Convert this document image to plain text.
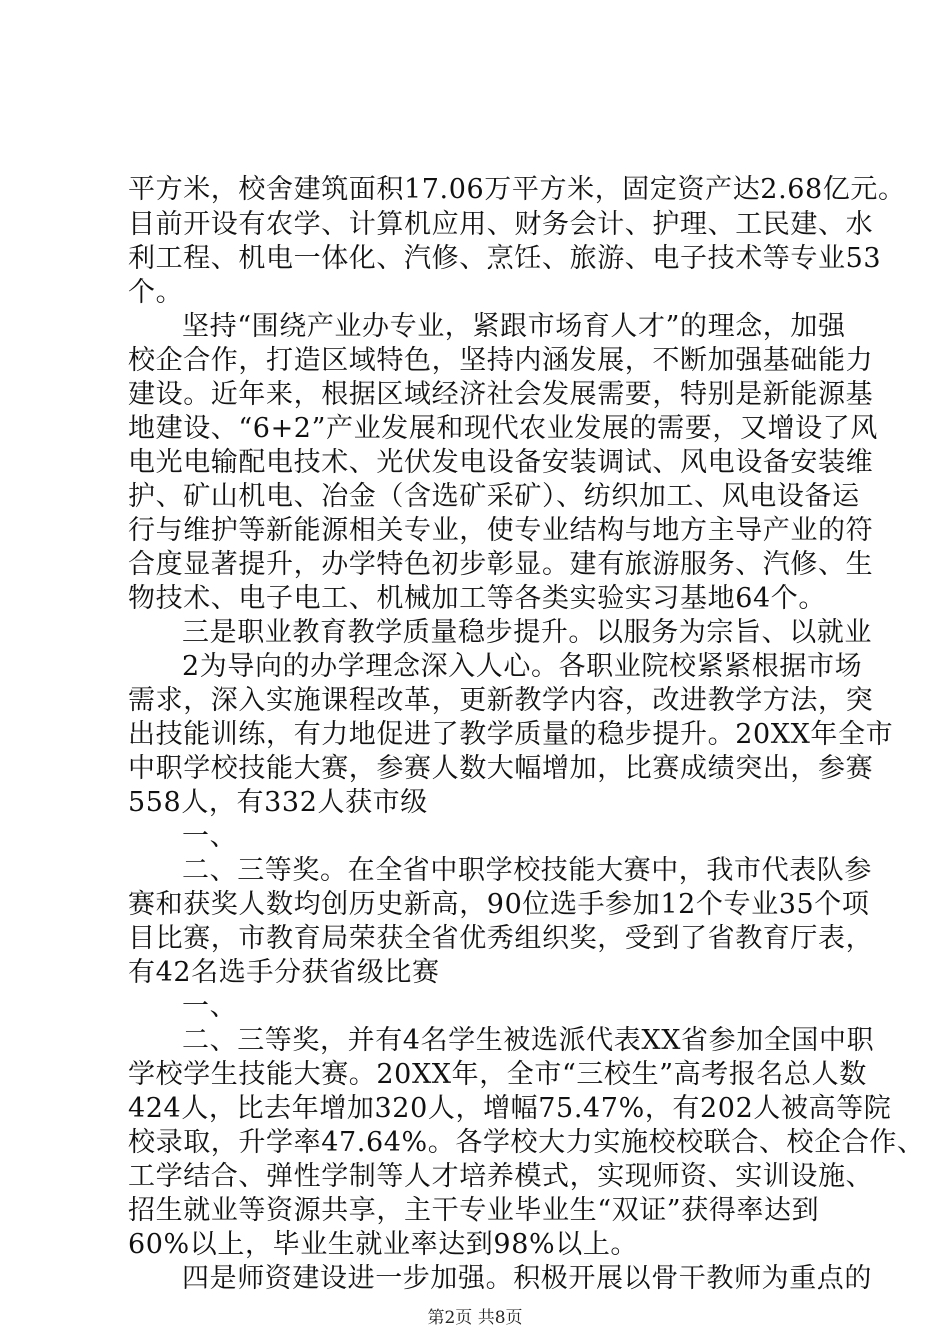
平方米，校舍建筑面积17.06万平方米，固定资产达2.68亿元。
目前开设有农学、计算机应用、财务会计、护理、工民建、水
利工程、机电一体化、汽修、烹饪、旅游、电子技术等专业53
个。
坚持“围绕产业办专业，紧跟市场育人才”的理念，加强
校企合作，打造区域特色，坚持内涵发展，不断加强基础能力
建设。近年来，根据区域经济社会发展需要，特别是新能源基
地建设、“6+2”产业发展和现代农业发展的需要，又增设了风
电光电输配电技术、光伏发电设备安装调试、风电设备安装维
护、矿山机电、冶金（含选矿采矿）、纺织加工、风电设备运
行与维护等新能源相关专业，使专业结构与地方主导产业的符
合度显著提升，办学特色初步彰显。建有旅游服务、汽修、生
物技术、电子电工、机械加工等各类实验实习基地64个。
三是职业教育教学质量稳步提升。以服务为宗旨、以就业
2为导向的办学理念深入人心。各职业院校紧紧根据市场
需求，深入实施课程改革，更新教学内容，改进教学方法，突
出技能训练，有力地促进了教学质量的稳步提升。20XX年全市
中职学校技能大赛，参赛人数大幅增加，比赛成绩突出，参赛
558人，有332人获市级
一、
二、三等奖。在全省中职学校技能大赛中，我市代表队参
赛和获奖人数均创历史新高，90位选手参加12个专业35个项
目比赛，市教育局荣获全省优秀组织奖，受到了省教育厅表，
有42名选手分获省级比赛
一、
二、三等奖，并有4名学生被选派代表XX省参加全国中职
学校学生技能大赛。20XX年，全市“三校生”高考报名总人数
424人，比去年增加320人，增幅75.47%，有202人被高等院
校录取，升学率47.64%。各学校大力实施校校联合、校企合作、
工学结合、弹性学制等人才培养模式，实现师资、实训设施、
招生就业等资源共享，主干专业毕业生“双证”获得率达到
60%以上，毕业生就业率达到98%以上。
四是师资建设进一步加强。积极开展以骨干教师为重点的
第2页 共8页
